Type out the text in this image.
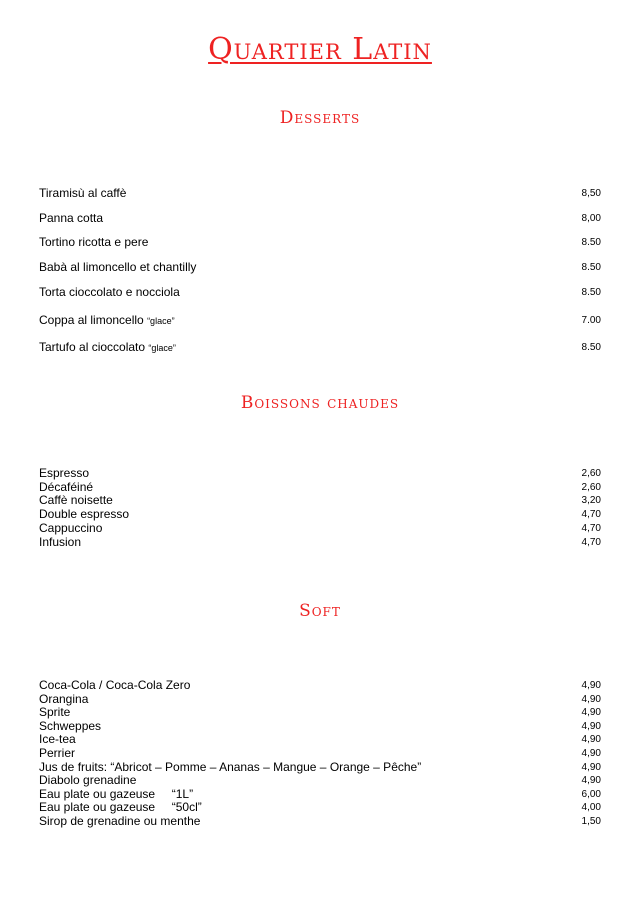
Quartier Latin
Desserts
Tiramisù al caffè	8,50
Panna cotta	8,00
Tortino ricotta e pere	8.50
Babà al limoncello et chantilly	8.50
Torta cioccolato e nocciola	8.50
Coppa al limoncello “glace”	7.00
Tartufo al cioccolato “glace”	8.50
Boissons chaudes
Espresso	2,60
Décaféiné	2,60
Caffè noisette	3,20
Double espresso	4,70
Cappuccino	4,70
Infusion	4,70
Soft
Coca-Cola / Coca-Cola Zero	4,90
Orangina	4,90
Sprite	4,90
Schweppes	4,90
Ice-tea	4,90
Perrier	4,90
Jus de fruits: “Abricot – Pomme – Ananas – Mangue – Orange – Pêche”	4,90
Diabolo grenadine	4,90
Eau plate ou gazeuse     “1L”	6,00
Eau plate ou gazeuse     “50cl”	4,00
Sirop de grenadine ou menthe	1,50
